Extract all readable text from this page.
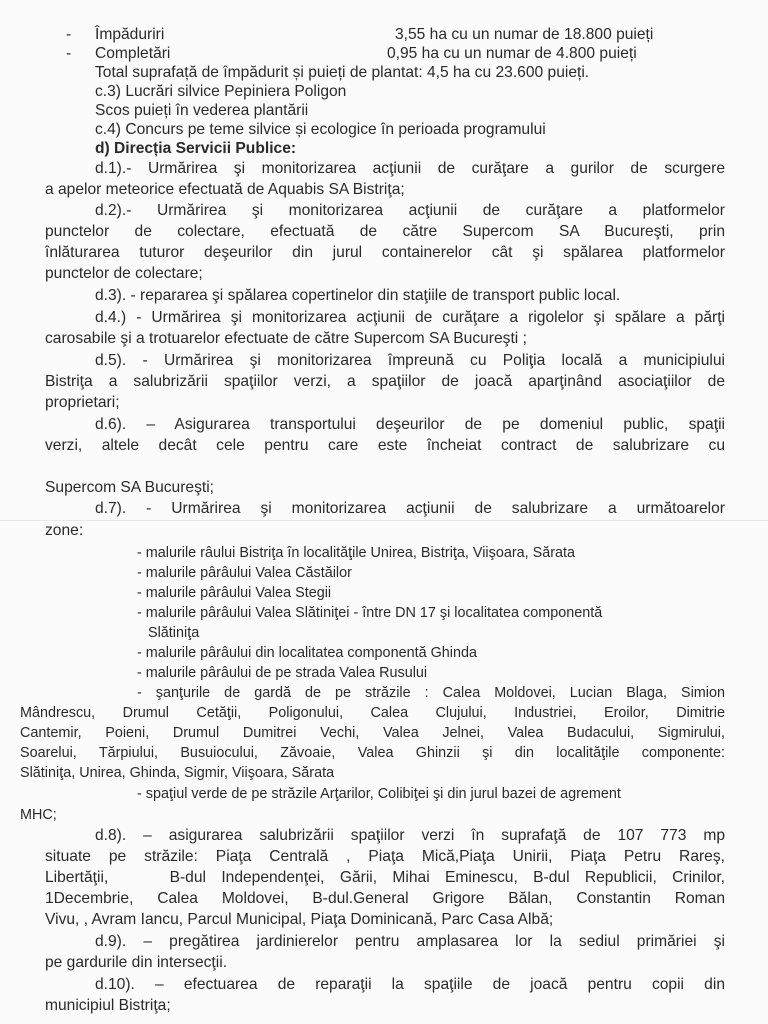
- Împăduriri	3,55 ha cu un numar de 18.800 puieți
- Completări	0,95 ha cu un numar de 4.800 puieți
Total suprafață de împădurit și puieți de plantat: 4,5 ha cu 23.600 puieți.
c.3) Lucrări silvice Pepiniera Poligon
Scos puieți în vederea plantării
c.4) Concurs pe teme silvice și ecologice în perioada programului
d) Direcția Servicii Publice:
d.1).- Urmărirea şi monitorizarea acţiunii de curăţare a gurilor de scurgere
a apelor meteorice efectuată de Aquabis SA Bistriţa;
d.2).- Urmărirea şi monitorizarea acţiunii de curăţare a platformelor
punctelor de colectare, efectuată de către Supercom SA Bucureşti, prin
înlăturarea tuturor deşeurilor din jurul containerelor cât şi spălarea platformelor
punctelor de colectare;
d.3). - repararea şi spălarea copertinelor din staţiile de transport public local.
d.4.) - Urmărirea şi monitorizarea acţiunii de curăţare a rigolelor şi spălare a părţi
carosabile şi a trotuarelor efectuate de către Supercom SA Bucureşti ;
d.5). - Urmărirea şi monitorizarea împreună cu Poliţia locală a municipiului
Bistriţa a salubrizării spaţiilor verzi, a spaţiilor de joacă aparţinând asociaţiilor de
proprietari;
d.6). – Asigurarea transportului deşeurilor de pe domeniul public, spaţii
verzi, altele decât cele pentru care este încheiat contract de salubrizare cu
Supercom SA Bucureşti;
d.7). - Urmărirea şi monitorizarea acţiunii de salubrizare a următoarelor
zone:
- malurile râului Bistriţa în localităţile Unirea, Bistriţa, Viişoara, Sărata
- malurile pârâului Valea Căstăilor
- malurile pârâului Valea Stegii
- malurile pârâului Valea Slătiniţei - între DN 17 şi localitatea componentă
Slătiniţa
- malurile pârâului din localitatea componentă Ghinda
- malurile pârâului de pe strada Valea Rusului
- şanţurile de gardă de pe străzile : Calea Moldovei, Lucian Blaga, Simion
Mândrescu, Drumul Cetăţii, Poligonului, Calea Clujului, Industriei, Eroilor, Dimitrie
Cantemir, Poieni, Drumul Dumitrei Vechi, Valea Jelnei, Valea Budacului, Sigmirului,
Soarelui, Tărpiului, Busuiocului, Zăvoaie, Valea Ghinzii şi din localităţile componente:
Slătiniţa, Unirea, Ghinda, Sigmir, Viişoara, Sărata
- spaţiul verde de pe străzile Arţarilor, Colibiţei şi din jurul bazei de agrement
MHC;
d.8). – asigurarea salubrizării spaţiilor verzi în suprafaţă de 107 773 mp
situate pe străzile: Piaţa Centrală , Piaţa Mică,Piaţa Unirii, Piaţa Petru Rareş,
Libertăţii,    B-dul Independenţei, Gării, Mihai Eminescu, B-dul Republicii, Crinilor,
1Decembrie, Calea Moldovei, B-dul.General Grigore Bălan, Constantin Roman
Vivu, , Avram Iancu, Parcul Municipal, Piaţa Dominicană, Parc Casa Albă;
d.9). – pregătirea jardinierelor pentru amplasarea lor la sediul primăriei şi
pe gardurile din intersecţii.
d.10). – efectuarea de reparaţii la spaţiile de joacă pentru copii din
municipiul Bistriţa;
